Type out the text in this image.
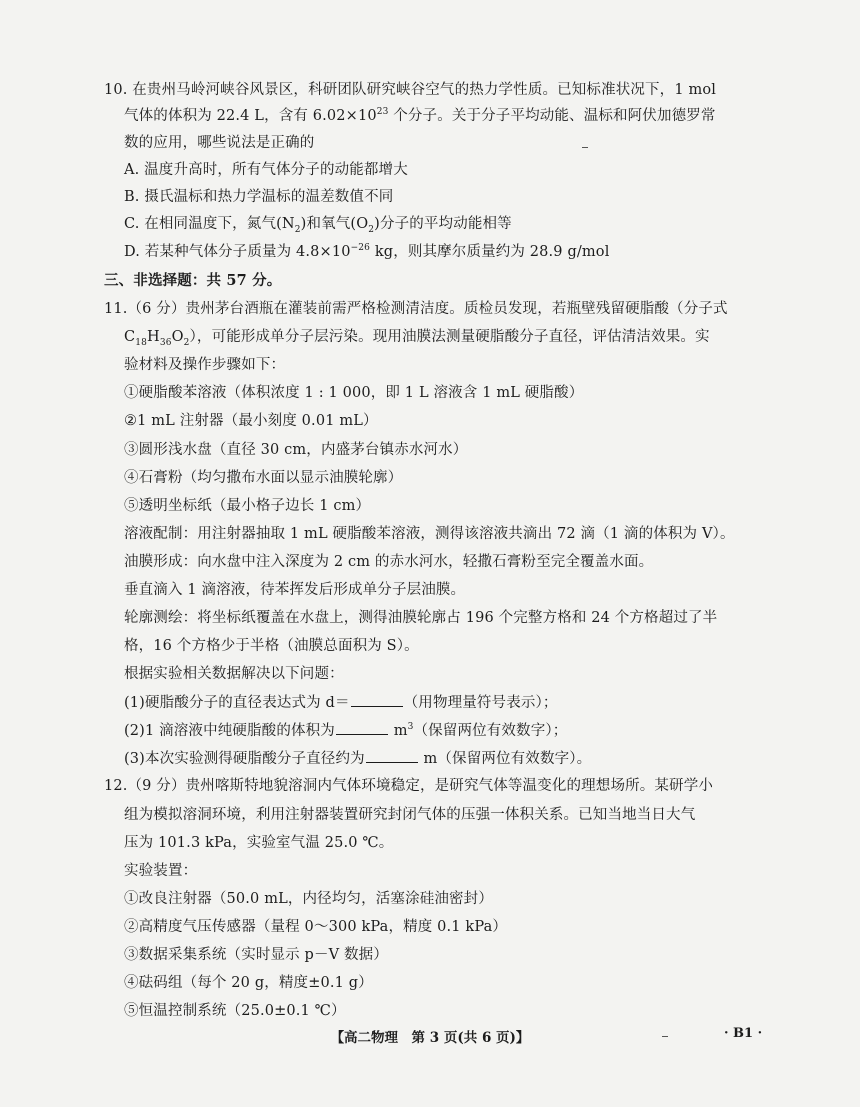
10. 在贵州马岭河峡谷风景区，科研团队研究峡谷空气的热力学性质。已知标准状况下，1 mol
气体的体积为 22.4 L，含有 $6.02\times 10^{23}$ 个分子。关于分子平均动能、温标和阿伏加德罗常
数的应用，哪些说法是正确的
A. 温度升高时，所有气体分子的动能都增大
B. 摄氏温标和热力学温标的温差数值不同
C. 在相同温度下，氮气$(N_2)$和氧气$(O_2)$分子的平均动能相等
D. 若某种气体分子质量为 $4.8\times 10^{-26}$ kg，则其摩尔质量约为 28.9 g/mol
三、非选择题：共 57 分。
11.（6 分）贵州茅台酒瓶在灌装前需严格检测清洁度。质检员发现，若瓶壁残留硬脂酸（分子式
$C_{18}H_{36}O_2$），可能形成单分子层污染。现用油膜法测量硬脂酸分子直径，评估清洁效果。实
验材料及操作步骤如下：
①硬脂酸苯溶液（体积浓度 1 : 1 000，即 1 L 溶液含 1 mL 硬脂酸）
②1 mL 注射器（最小刻度 0.01 mL）
③圆形浅水盘（直径 30 cm，内盛茅台镇赤水河水）
④石膏粉（均匀撒布水面以显示油膜轮廓）
⑤透明坐标纸（最小格子边长 1 cm）
溶液配制：用注射器抽取 1 mL 硬脂酸苯溶液，测得该溶液共滴出 72 滴（1 滴的体积为 V）。
油膜形成：向水盘中注入深度为 2 cm 的赤水河水，轻撒石膏粉至完全覆盖水面。
垂直滴入 1 滴溶液，待苯挥发后形成单分子层油膜。
轮廓测绘：将坐标纸覆盖在水盘上，测得油膜轮廓占 196 个完整方格和 24 个方格超过了半
格，16 个方格少于半格（油膜总面积为 S）。
根据实验相关数据解决以下问题：
(1)硬脂酸分子的直径表达式为 d＝	（用物理量符号表示）；
(2)1 滴溶液中纯硬脂酸的体积为	$m^3$（保留两位有效数字）；
(3)本次实验测得硬脂酸分子直径约为	m（保留两位有效数字）。
12.（9 分）贵州喀斯特地貌溶洞内气体环境稳定，是研究气体等温变化的理想场所。某研学小
组为模拟溶洞环境，利用注射器装置研究封闭气体的压强一体积关系。已知当地当日大气
压为 101.3 kPa，实验室气温 25.0 ℃。
实验装置：
①改良注射器（50.0 mL，内径均匀，活塞涂硅油密封）
②高精度气压传感器（量程 0～300 kPa，精度 0.1 kPa）
③数据采集系统（实时显示 p－V 数据）
④砝码组（每个 20 g，精度±0.1 g）
⑤恒温控制系统（25.0±0.1 ℃）
【高二物理　第 3 页(共 6 页)】	· B1 ·
